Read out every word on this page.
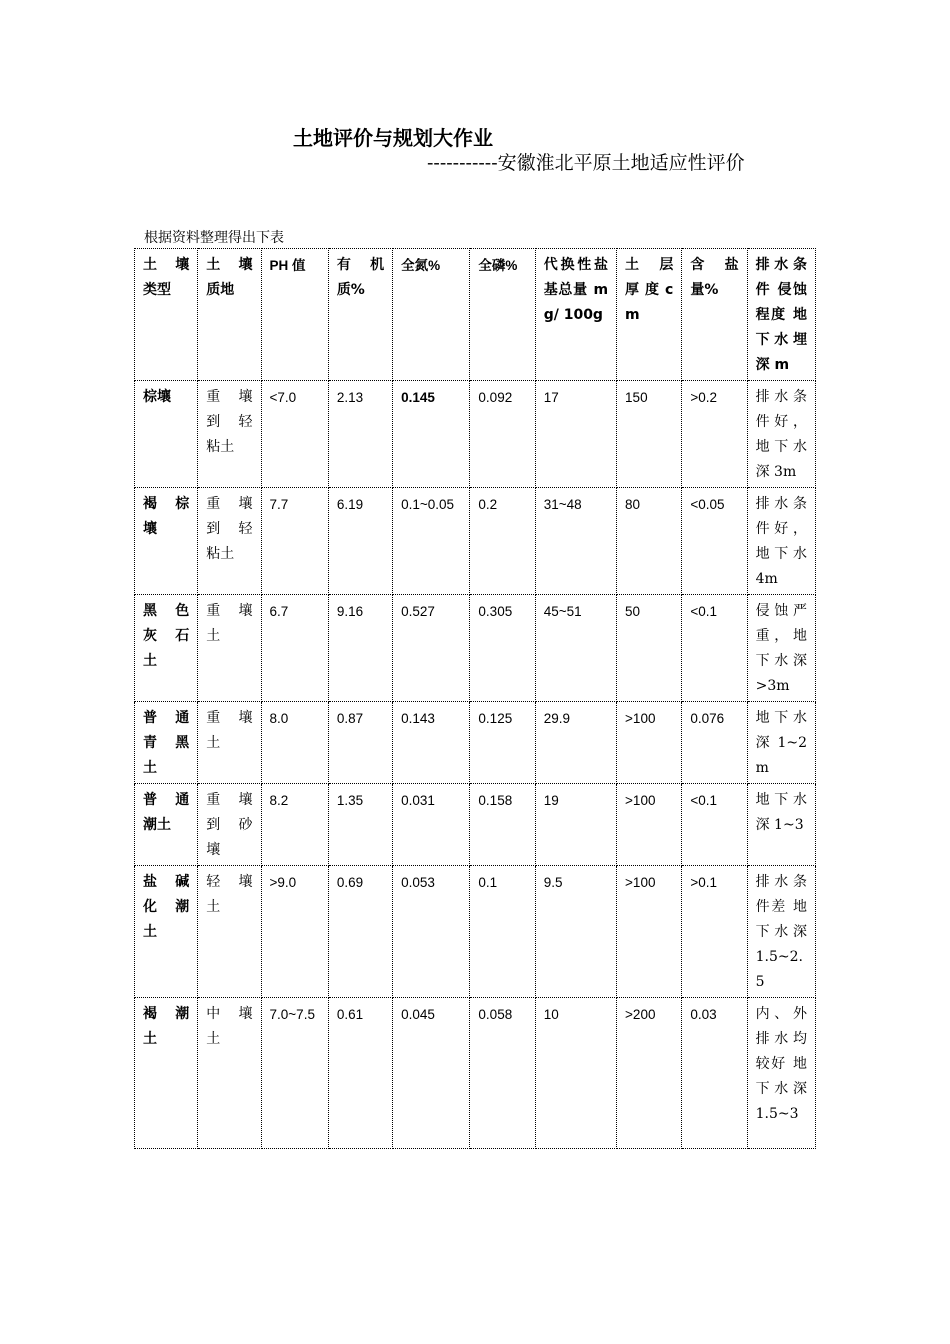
土地评价与规划大作业
-----------安徽淮北平原土地适应性评价
根据资料整理得出下表
土 壤 类型	土 壤 质地	PH 值	有 机 质%	全氮%	全磷%	代换性盐基总量 mg/ 100g	土 层 厚 度 cm	含 盐 量%	排水条件 侵蚀程度 地下水埋深 m
棕壤	重 壤 到 轻 粘土	<7.0	2.13	0.145	0.092	17	150	>0.2	排水条件好，地下水深 3m
褐 棕 壤	重 壤 到 轻 粘土	7.7	6.19	0.1~0.05	0.2	31~48	80	<0.05	排水条件好，地下水 4m
黑 色 灰 石 土	重 壤 土	6.7	9.16	0.527	0.305	45~51	50	<0.1	侵蚀严重，地下水深 >3m
普 通 青 黑 土	重 壤 土	8.0	0.87	0.143	0.125	29.9	>100	0.076	地下水深 1~2m
普 通 潮土	重 壤 到 砂 壤	8.2	1.35	0.031	0.158	19	>100	<0.1	地下水深 1~3
盐 碱 化 潮 土	轻 壤 土	>9.0	0.69	0.053	0.1	9.5	>100	>0.1	排水条件差 地下水深 1.5~2.5
褐 潮 土	中 壤 土	7.0~7.5	0.61	0.045	0.058	10	>200	0.03	内、外排水均较好 地下水深 1.5~3
